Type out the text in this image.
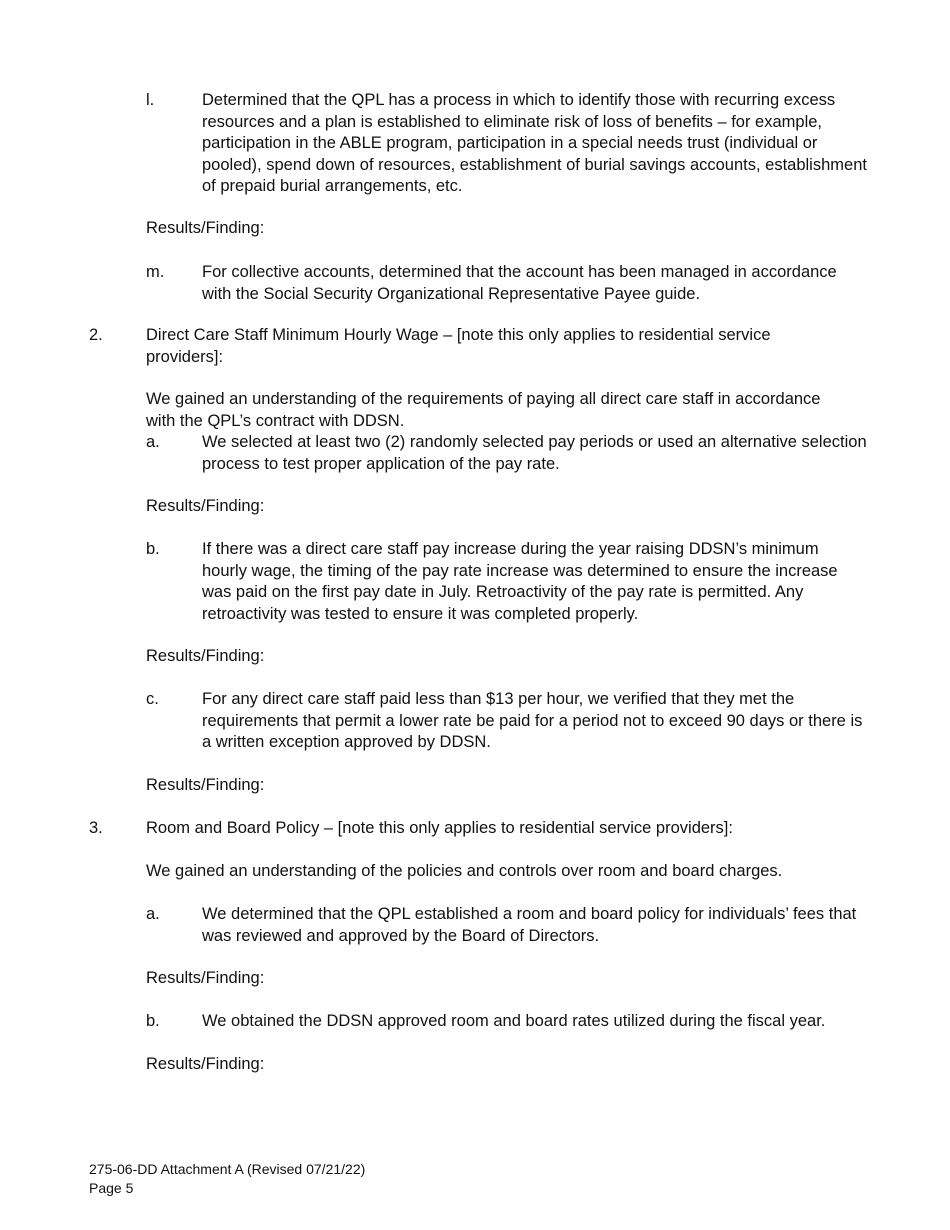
l.	Determined that the QPL has a process in which to identify those with recurring excess resources and a plan is established to eliminate risk of loss of benefits – for example, participation in the ABLE program, participation in a special needs trust (individual or pooled), spend down of resources, establishment of burial savings accounts, establishment of prepaid burial arrangements, etc.
Results/Finding:
m. For collective accounts, determined that the account has been managed in accordance with the Social Security Organizational Representative Payee guide.
2.	Direct Care Staff Minimum Hourly Wage – [note this only applies to residential service providers]:
We gained an understanding of the requirements of paying all direct care staff in accordance with the QPL’s contract with DDSN.
a.	We selected at least two (2) randomly selected pay periods or used an alternative selection process to test proper application of the pay rate.
Results/Finding:
b.	If there was a direct care staff pay increase during the year raising DDSN’s minimum hourly wage, the timing of the pay rate increase was determined to ensure the increase was paid on the first pay date in July. Retroactivity of the pay rate is permitted. Any retroactivity was tested to ensure it was completed properly.
Results/Finding:
c.	For any direct care staff paid less than $13 per hour, we verified that they met the requirements that permit a lower rate be paid for a period not to exceed 90 days or there is a written exception approved by DDSN.
Results/Finding:
3.	Room and Board Policy – [note this only applies to residential service providers]:
We gained an understanding of the policies and controls over room and board charges.
a.	We determined that the QPL established a room and board policy for individuals’ fees that was reviewed and approved by the Board of Directors.
Results/Finding:
b.	We obtained the DDSN approved room and board rates utilized during the fiscal year.
Results/Finding:
275-06-DD Attachment A (Revised 07/21/22)
Page 5
